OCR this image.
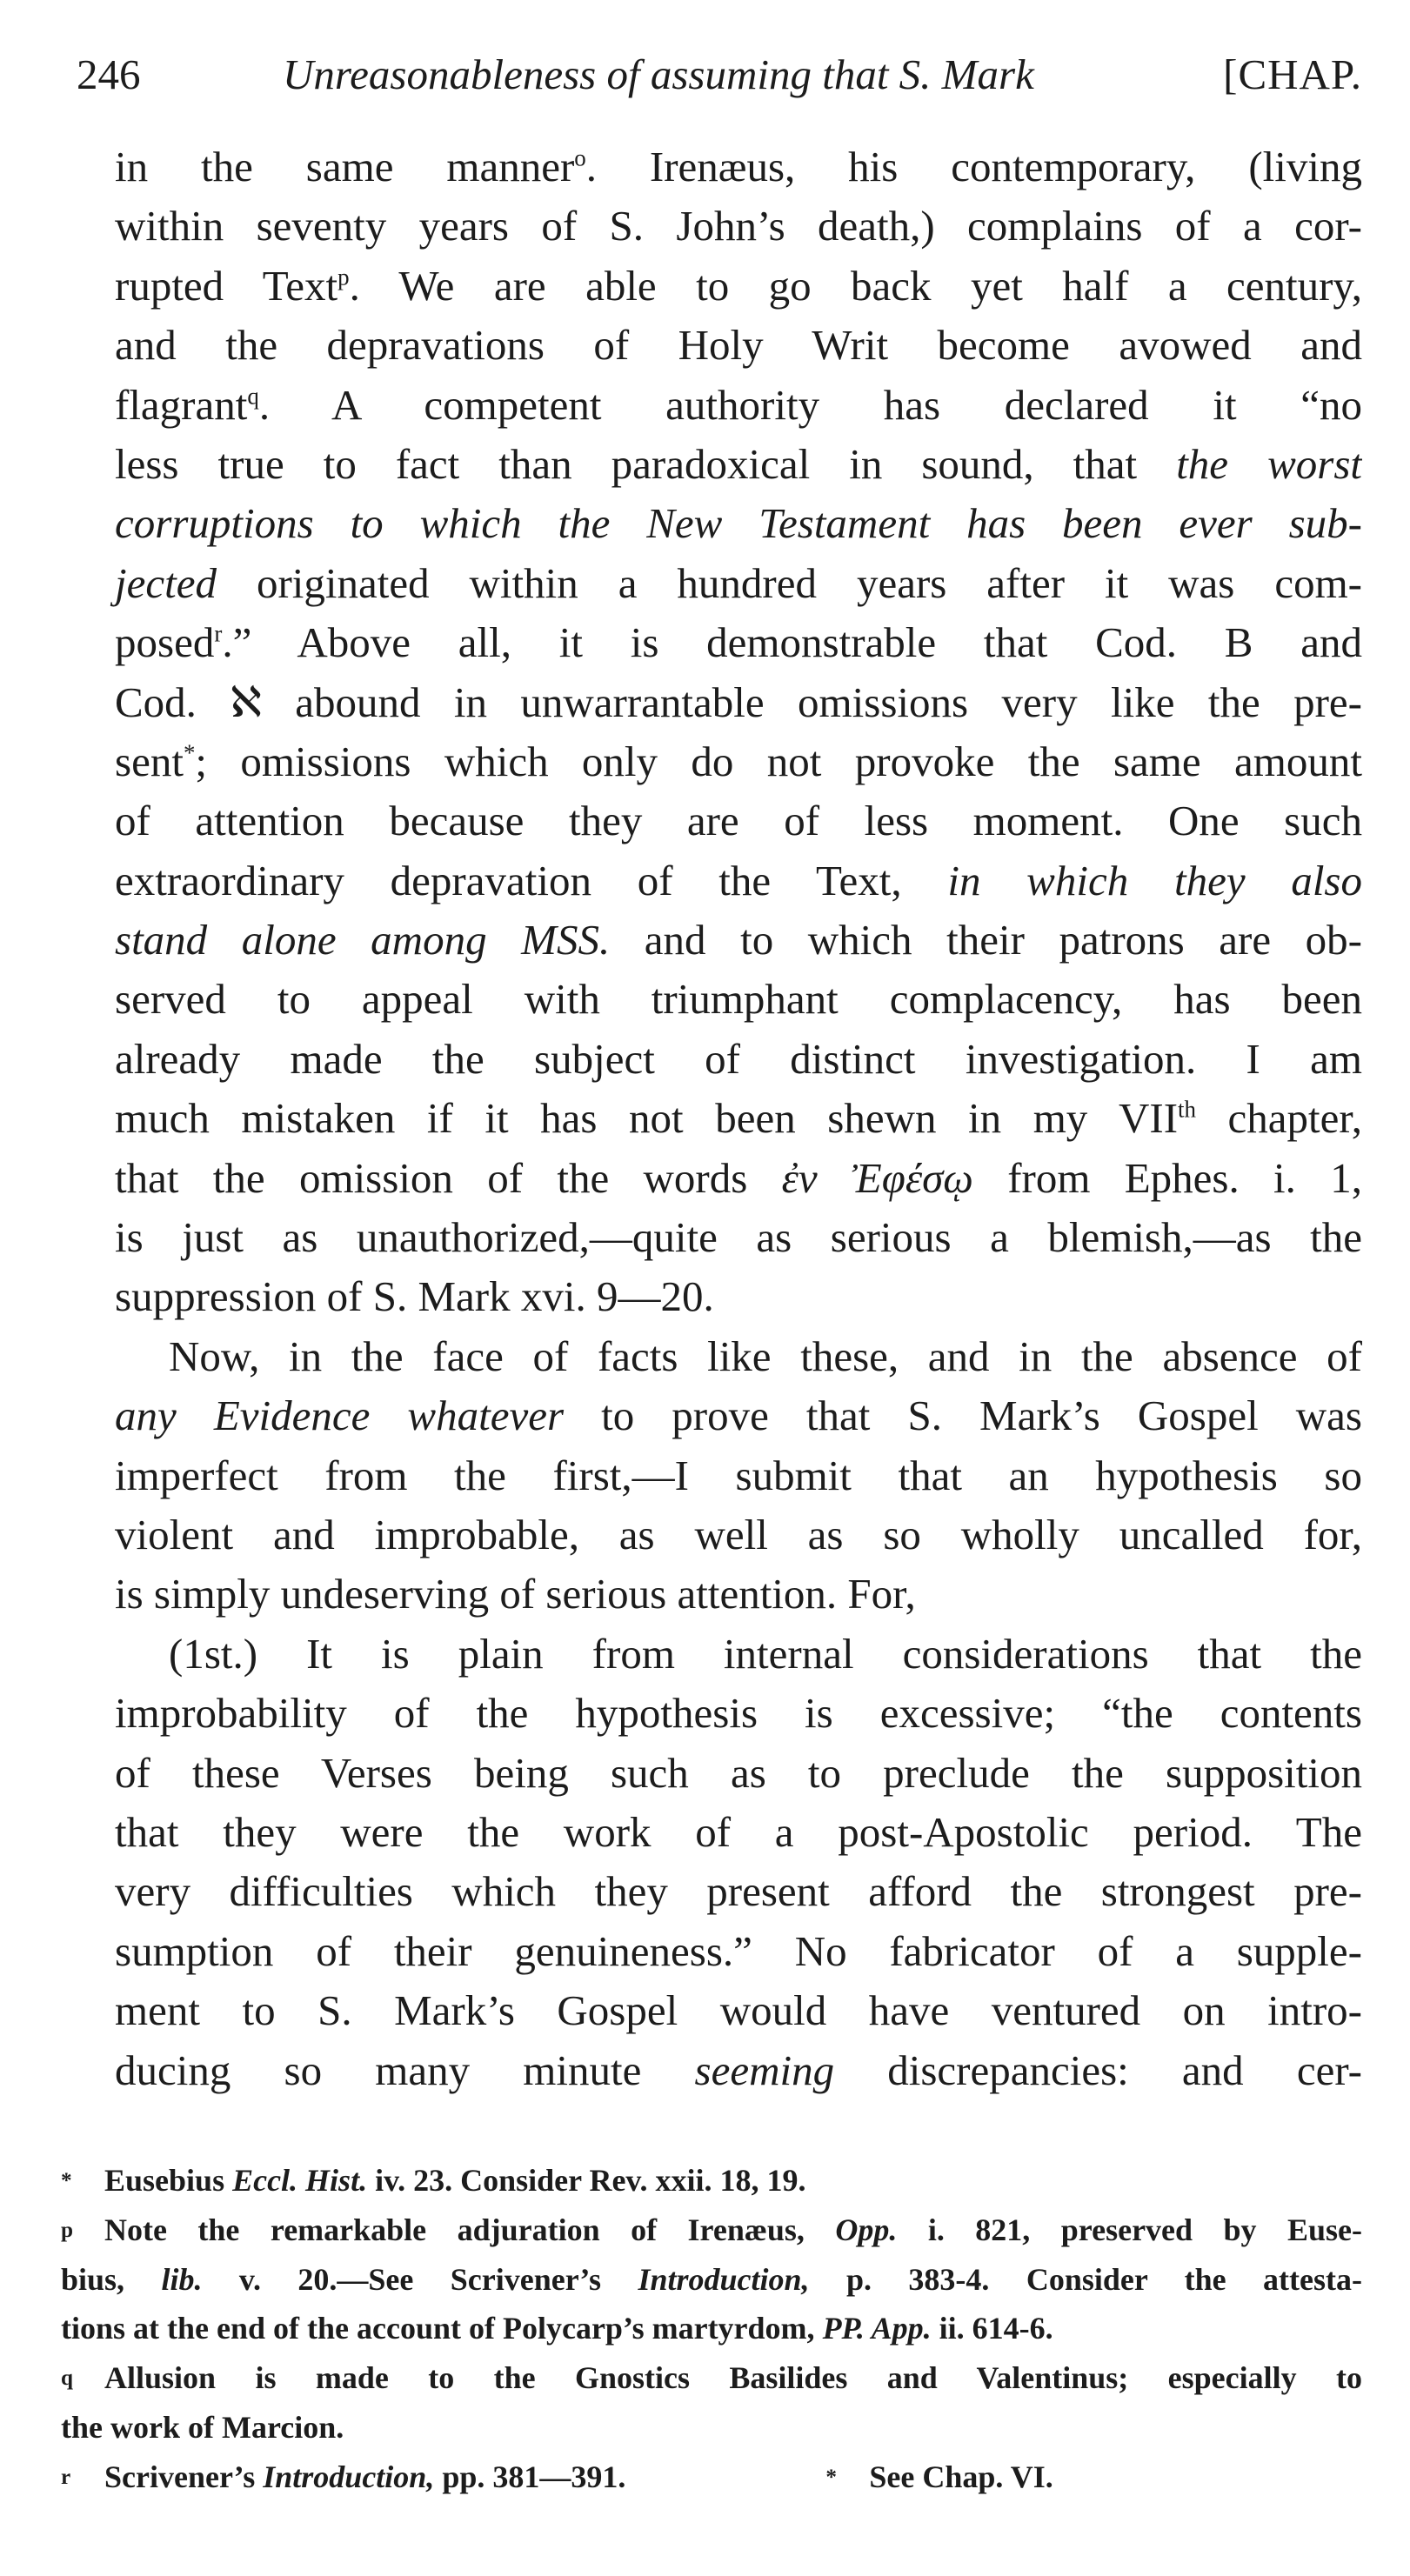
246	Unreasonableness of assuming that S. Mark	[CHAP.
in the same manner$^o$. Irenæus, his contemporary, (living
within seventy years of S. John’s death,) complains of a cor-
rupted Text$^p$. We are able to go back yet half a century,
and the depravations of Holy Writ become avowed and
flagrant$^q$. A competent authority has declared it “no
less true to fact than paradoxical in sound, that the worst
corruptions to which the New Testament has been ever sub-
jected originated within a hundred years after it was com-
posed$^r$.” Above all, it is demonstrable that Cod. B and
Cod. ℵ abound in unwarrantable omissions very like the pre-
sent*; omissions which only do not provoke the same amount
of attention because they are of less moment. One such
extraordinary depravation of the Text, in which they also
stand alone among MSS. and to which their patrons are ob-
served to appeal with triumphant complacency, has been
already made the subject of distinct investigation. I am
much mistaken if it has not been shewn in my VIIth chapter,
that the omission of the words ἐν Ἐφέσῳ from Ephes. i. 1,
is just as unauthorized,—quite as serious a blemish,—as the
suppression of S. Mark xvi. 9—20.
Now, in the face of facts like these, and in the absence of
any Evidence whatever to prove that S. Mark’s Gospel was
imperfect from the first,—I submit that an hypothesis so
violent and improbable, as well as so wholly uncalled for,
is simply undeserving of serious attention. For,
(1st.) It is plain from internal considerations that the
improbability of the hypothesis is excessive; “the contents
of these Verses being such as to preclude the supposition
that they were the work of a post-Apostolic period. The
very difficulties which they present afford the strongest pre-
sumption of their genuineness.” No fabricator of a supple-
ment to S. Mark’s Gospel would have ventured on intro-
ducing so many minute seeming discrepancies: and cer-
* Eusebius Eccl. Hist. iv. 23. Consider Rev. xxii. 18, 19.
p Note the remarkable adjuration of Irenæus, Opp. i. 821, preserved by Euse-
bius, lib. v. 20.—See Scrivener’s Introduction, p. 383-4. Consider the attesta-
tions at the end of the account of Polycarp’s martyrdom, PP. App. ii. 614-6.
q Allusion is made to the Gnostics Basilides and Valentinus; especially to
the work of Marcion.
r Scrivener’s Introduction, pp. 381—391.	* See Chap. VI.
